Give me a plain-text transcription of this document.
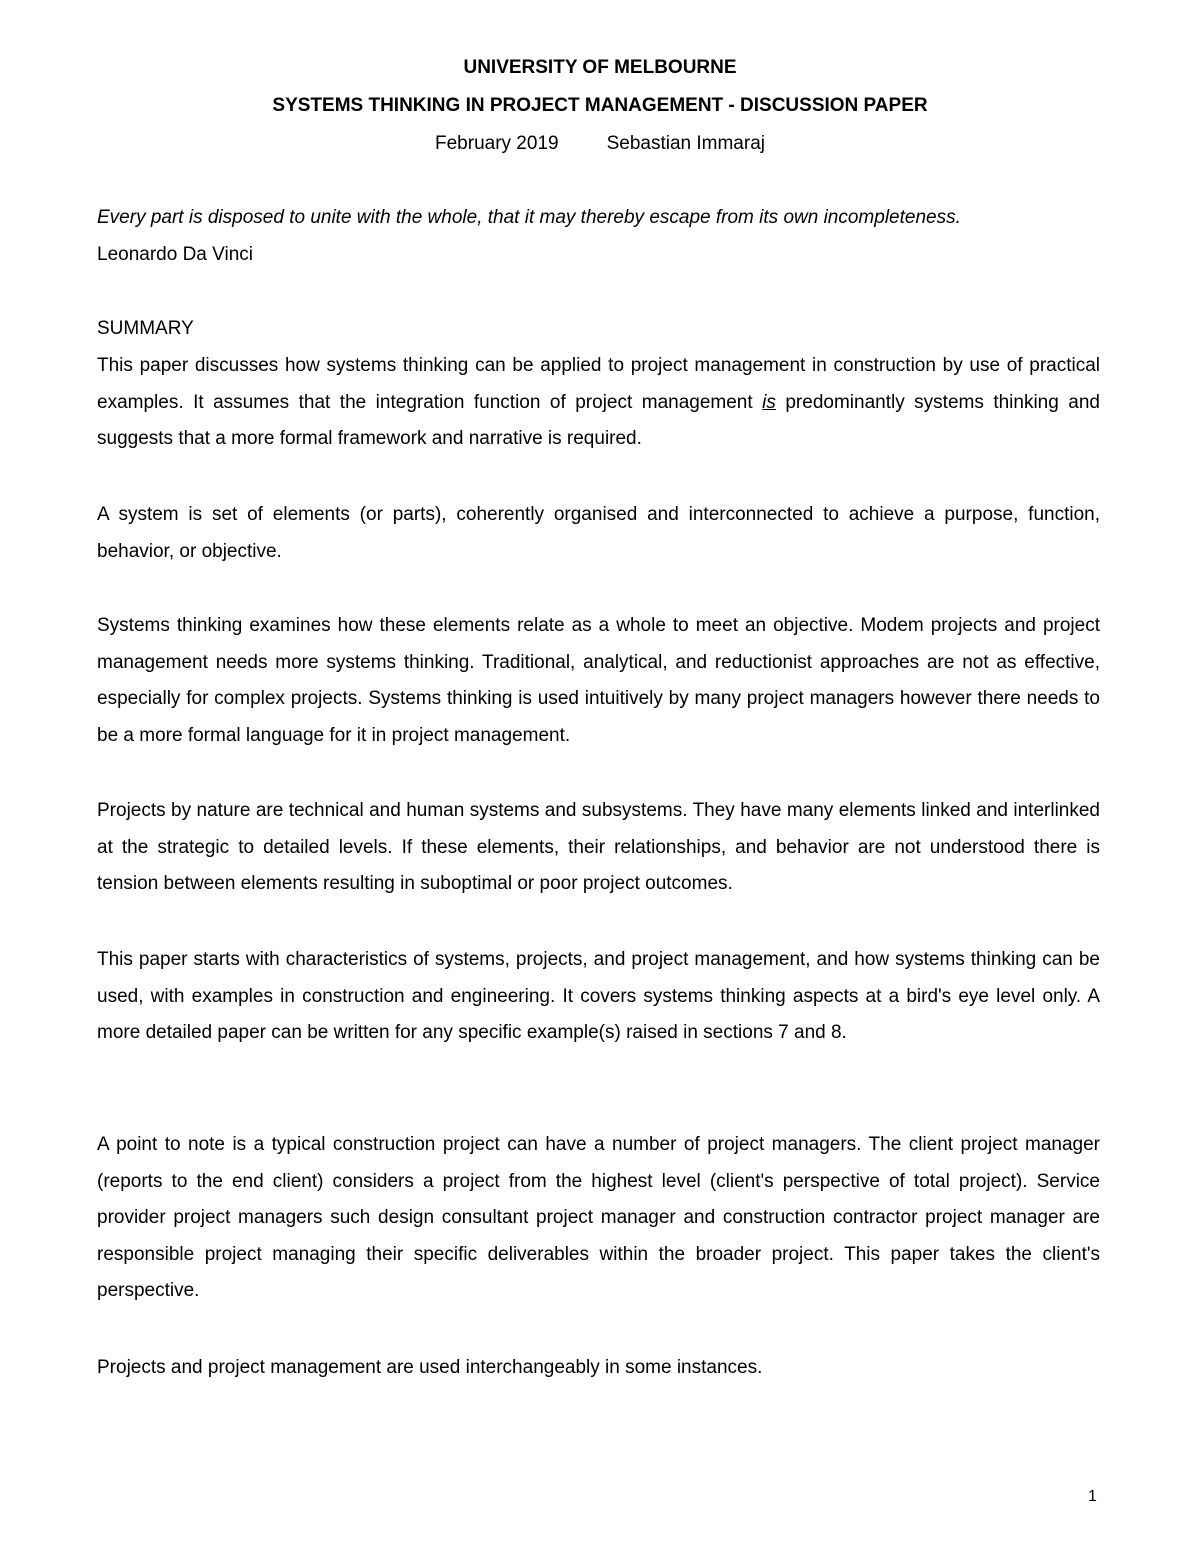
UNIVERSITY OF MELBOURNE
SYSTEMS THINKING IN PROJECT MANAGEMENT - DISCUSSION PAPER
February 2019	Sebastian Immaraj

Every part is disposed to unite with the whole, that it may thereby escape from its own incompleteness.

Leonardo Da Vinci

SUMMARY

This paper discusses how systems thinking can be applied to project management in construction by use of practical examples. It assumes that the integration function of project management is predominantly systems thinking and suggests that a more formal framework and narrative is required.

A system is set of elements (or parts), coherently organised and interconnected to achieve a purpose, function, behavior, or objective.

Systems thinking examines how these elements relate as a whole to meet an objective. Modem projects and project management needs more systems thinking. Traditional, analytical, and reductionist approaches are not as effective, especially for complex projects. Systems thinking is used intuitively by many project managers however there needs to be a more formal language for it in project management.

Projects by nature are technical and human systems and subsystems. They have many elements linked and interlinked at the strategic to detailed levels. If these elements, their relationships, and behavior are not understood there is tension between elements resulting in suboptimal or poor project outcomes.

This paper starts with characteristics of systems, projects, and project management, and how systems thinking can be used, with examples in construction and engineering. It covers systems thinking aspects at a bird's eye level only. A more detailed paper can be written for any specific example(s) raised in sections 7 and 8.

A point to note is a typical construction project can have a number of project managers. The client project manager (reports to the end client) considers a project from the highest level (client's perspective of total project). Service provider project managers such design consultant project manager and construction contractor project manager are responsible project managing their specific deliverables within the broader project. This paper takes the client's perspective.

Projects and project management are used interchangeably in some instances.

1
